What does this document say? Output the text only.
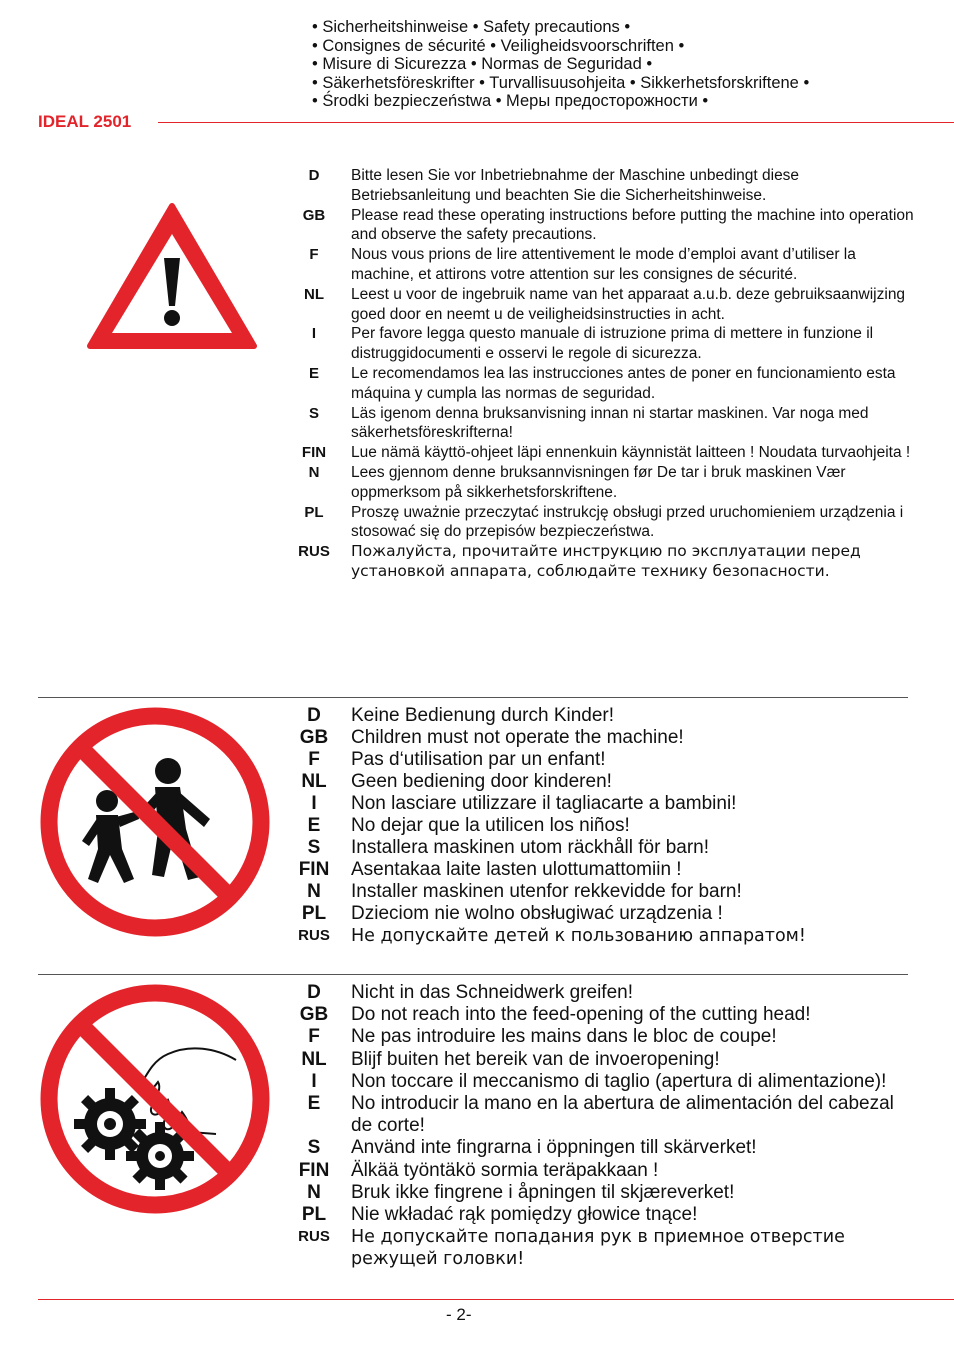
• Sicherheitshinweise • Safety precautions •
• Consignes de sécurité • Veiligheidsvoorschriften •
• Misure di Sicurezza • Normas de Seguridad •
• Säkerhetsföreskrifter • Turvallisuusohjeita • Sikkerhetsforskriftene •
• Środki bezpieczeństwa • Меры предосторожности •
IDEAL 2501
D	Bitte lesen Sie vor Inbetriebnahme der Maschine unbedingt diese Betriebsanleitung und beachten Sie die Sicherheitshinweise.
GB	Please read these operating instructions before putting the machine into operation and observe the safety precautions.
F	Nous vous prions de lire attentivement le mode d’emploi avant d’utiliser la machine, et attirons votre attention sur les consignes de sécurité.
NL	Leest u voor de ingebruik name van het apparaat a.u.b. deze gebruiksaanwijzing goed door en neemt u de veiligheidsinstructies in acht.
I	Per favore legga questo manuale di istruzione prima di mettere in funzione il distruggidocumenti e osservi le regole di sicurezza.
E	Le recomendamos lea las instrucciones antes de poner en funcionamiento esta máquina y cumpla las normas de seguridad.
S	Läs igenom denna bruksanvisning innan ni startar maskinen. Var noga med säkerhetsföreskrifterna!
FIN	Lue nämä käyttö-ohjeet läpi ennenkuin käynnistät laitteen ! Noudata turvaohjeita !
N	Lees gjennom denne bruksannvisningen før De tar i bruk maskinen Vær oppmerksom på sikkerhetsforskriftene.
PL	Proszę uważnie przeczytać instrukcję obsługi przed uruchomieniem urządzenia i stosować się do przepisów bezpieczeństwa.
RUS	Пожалуйста, прочитайте инструкцию по эксплуатации перед установкой аппарата, соблюдайте технику безопасности.
D	Keine Bedienung durch Kinder!
GB	Children must not operate the machine!
F	Pas d‘utilisation par un enfant!
NL	Geen bediening door kinderen!
I	Non lasciare utilizzare il tagliacarte a bambini!
E	No dejar que la utilicen los niños!
S	Installera maskinen utom räckhåll för barn!
FIN	Asentakaa laite lasten ulottumattomiin !
N	Installer maskinen utenfor rekkevidde for barn!
PL	Dzieciom nie wolno obsługiwać urządzenia !
RUS	Не допускайте детей к пользованию аппаратом!
D	Nicht in das Schneidwerk greifen!
GB	Do not reach into the feed-opening of the cutting head!
F	Ne pas introduire les mains dans le bloc de coupe!
NL	Blijf buiten het bereik van de invoeropening!
I	Non toccare il meccanismo di taglio (apertura di alimentazione)!
E	No introducir la mano en la abertura de alimentación del cabezal de corte!
S	Använd inte fingrarna i öppningen till skärverket!
FIN	Älkää työntäkö sormia teräpakkaan !
N	Bruk ikke fingrene i åpningen til skjæreverket!
PL	Nie wkładać rąk pomiędzy głowice tnące!
RUS	Не допускайте попадания рук в приемное отверстие режущей головки!
- 2-
